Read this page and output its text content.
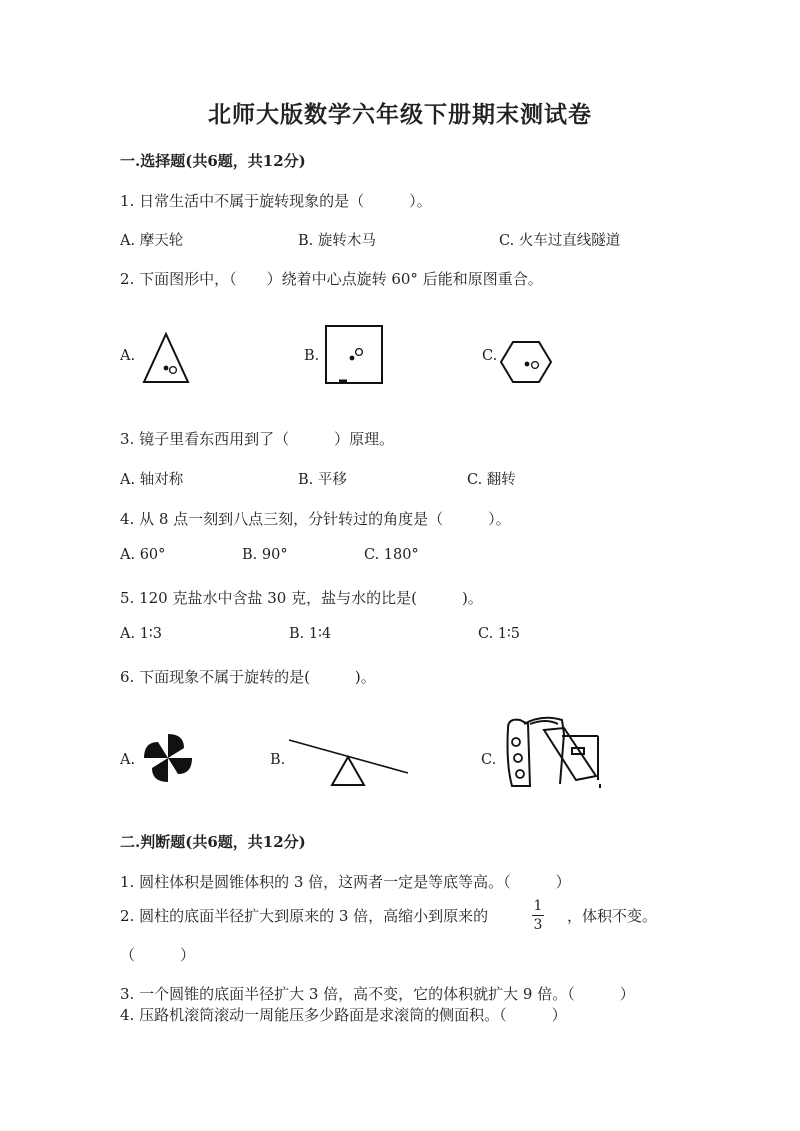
北师大版数学六年级下册期末测试卷
一.选择题(共6题，共12分)
1. 日常生活中不属于旋转现象的是（　　　）。
A. 摩天轮	B. 旋转木马	C. 火车过直线隧道
2. 下面图形中，（　　）绕着中心点旋转 60° 后能和原图重合。
A.	B.	C.
3. 镜子里看东西用到了（　　　）原理。
A. 轴对称	B. 平移	C. 翻转
4. 从 8 点一刻到八点三刻，分针转过的角度是（　　　）。
A. 60°	B. 90°	C. 180°
5. 120 克盐水中含盐 30 克，盐与水的比是(　　　)。
A. 1∶3	B. 1∶4	C. 1∶5
6. 下面现象不属于旋转的是(　　　)。
A.	B.	C.
二.判断题(共6题，共12分)
1. 圆柱体积是圆锥体积的 3 倍，这两者一定是等底等高。（　　　）
2. 圆柱的底面半径扩大到原来的 3 倍，高缩小到原来的
1
3 ，体积不变。
（　　　）
3. 一个圆锥的底面半径扩大 3 倍，高不变，它的体积就扩大 9 倍。（　　　）
4. 压路机滚筒滚动一周能压多少路面是求滚筒的侧面积。（　　　）
